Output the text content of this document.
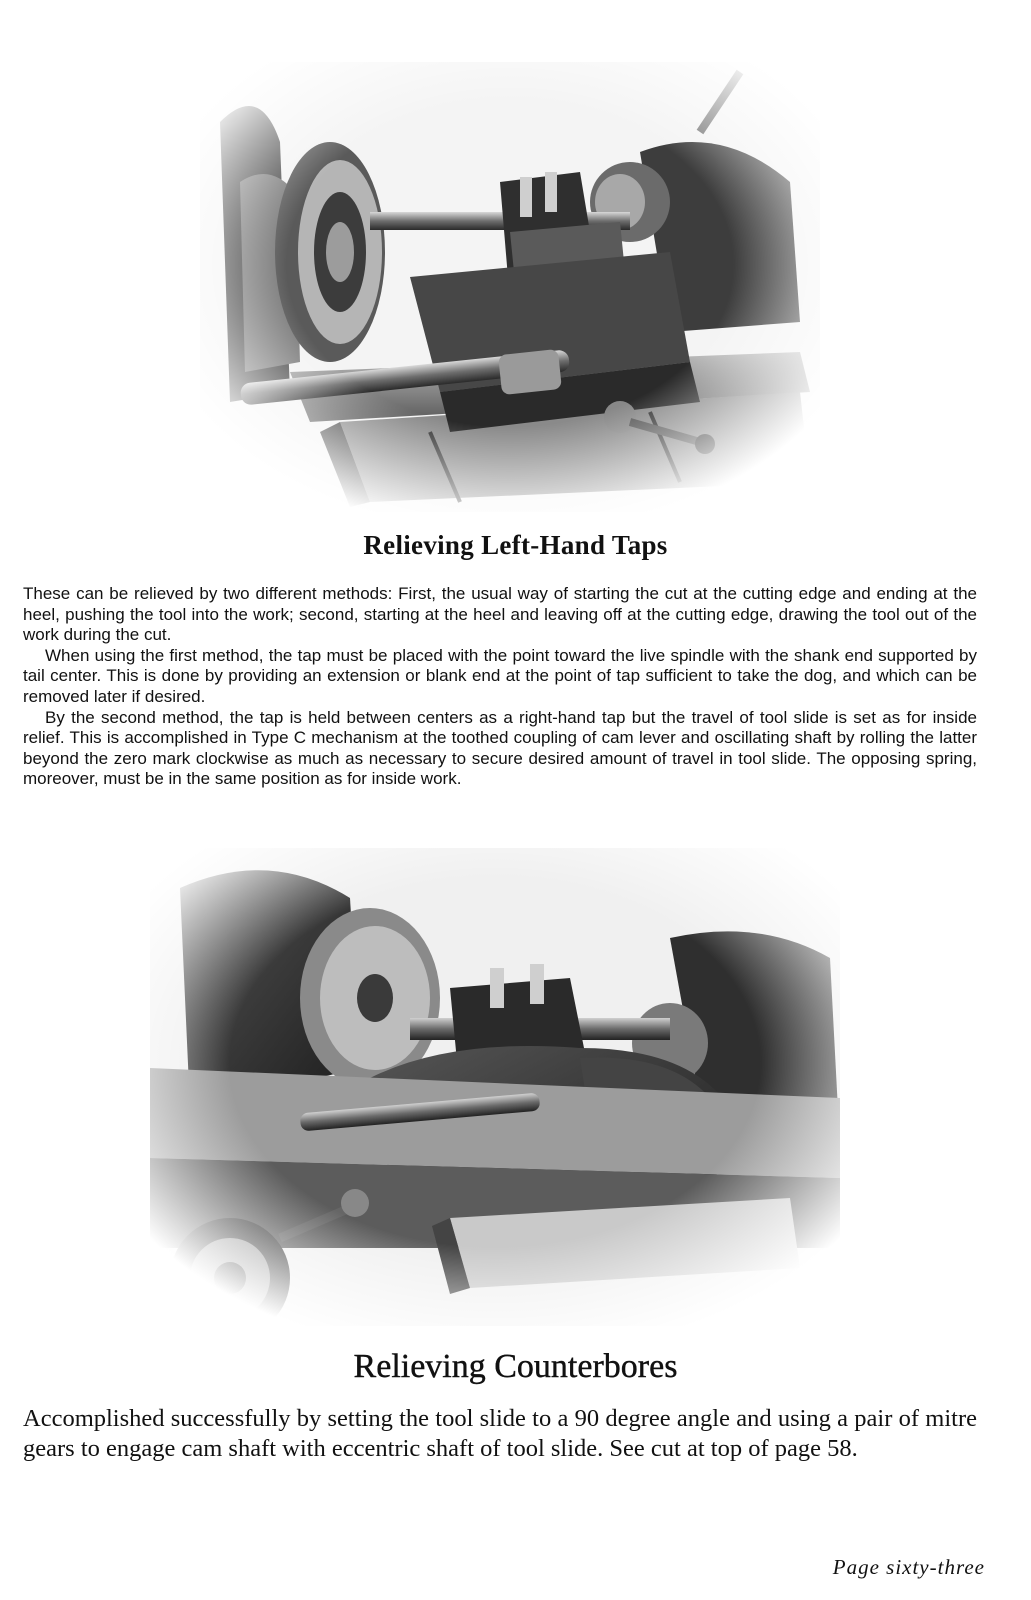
Relieving Left-Hand Taps

These can be relieved by two different methods: First, the usual way of starting the cut at the cutting edge and ending at the heel, pushing the tool into the work; second, starting at the heel and leaving off at the cutting edge, drawing the tool out of the work during the cut.

When using the first method, the tap must be placed with the point toward the live spindle with the shank end supported by tail center. This is done by providing an extension or blank end at the point of tap sufficient to take the dog, and which can be removed later if desired.

By the second method, the tap is held between centers as a right-hand tap but the travel of tool slide is set as for inside relief. This is accomplished in Type C mechanism at the toothed coupling of cam lever and oscillating shaft by rolling the latter beyond the zero mark clockwise as much as necessary to secure desired amount of travel in tool slide. The opposing spring, moreover, must be in the same position as for inside work.

Relieving Counterbores

Accomplished successfully by setting the tool slide to a 90 degree angle and using a pair of mitre gears to engage cam shaft with eccentric shaft of tool slide. See cut at top of page 58.

Page sixty-three
